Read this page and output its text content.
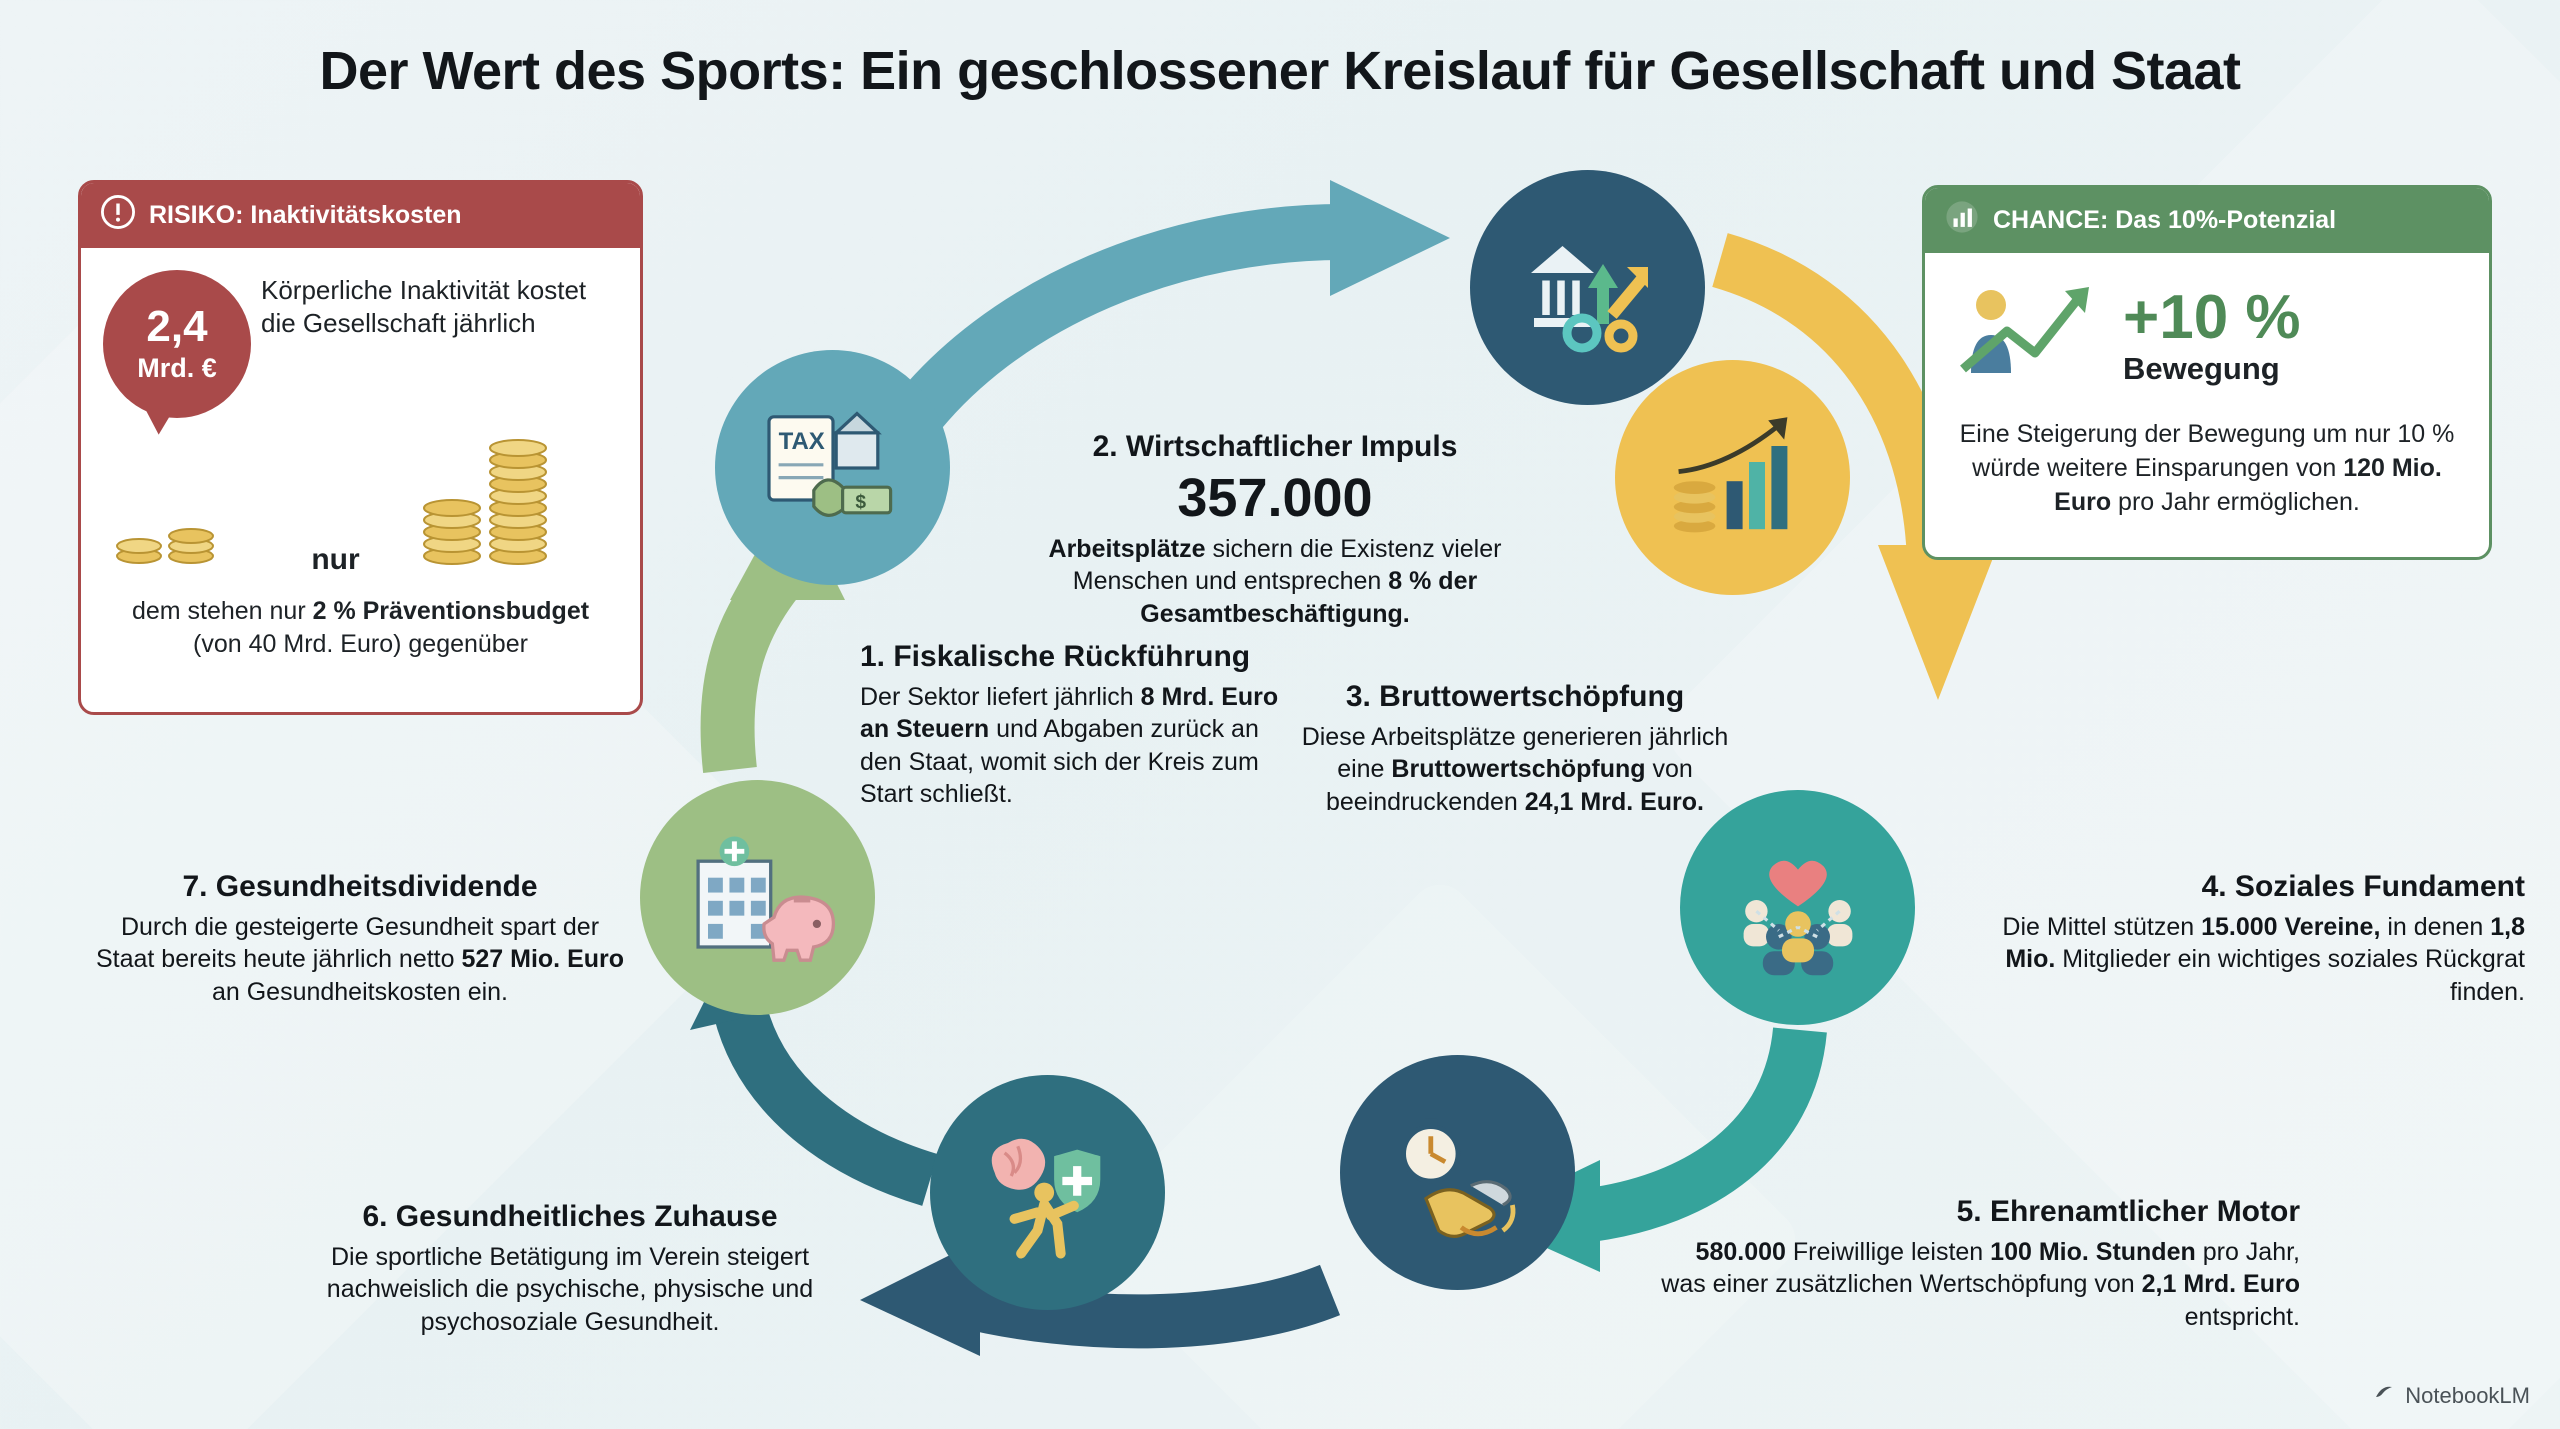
Der Wert des Sports: Ein geschlossener Kreislauf für Gesellschaft und Staat
TAX
$
RISIKO: Inaktivitätskosten
2,4
Mrd. €
Körperliche Inaktivität kostet die Gesellschaft jährlich
nur
dem stehen nur 2 % Präventionsbudget
(von 40 Mrd. Euro) gegenüber
CHANCE: Das 10%-Potenzial
+10 %
Bewegung
Eine Steigerung der Bewegung um nur 10 % würde weitere Einsparungen von 120 Mio. Euro pro Jahr ermöglichen.
1. Fiskalische Rückführung

Der Sektor liefert jährlich 8 Mrd. Euro an Steuern und Abgaben zurück an den Staat, womit sich der Kreis zum Start schließt.

2. Wirtschaftlicher Impuls
357.000

Arbeitsplätze sichern die Existenz vieler Menschen und entsprechen 8 % der Gesamtbeschäftigung.

3. Bruttowertschöpfung

Diese Arbeitsplätze generieren jährlich eine Bruttowertschöpfung von beeindruckenden 24,1 Mrd. Euro.

4. Soziales Fundament

Die Mittel stützen 15.000 Vereine, in denen 1,8 Mio. Mitglieder ein wichtiges soziales Rückgrat finden.

5. Ehrenamtlicher Motor

580.000 Freiwillige leisten 100 Mio. Stunden pro Jahr, was einer zusätzlichen Wertschöpfung von 2,1 Mrd. Euro entspricht.

6. Gesundheitliches Zuhause

Die sportliche Betätigung im Verein steigert nachweislich die psychische, physische und psychosoziale Gesundheit.

7. Gesundheitsdividende

Durch die gesteigerte Gesundheit spart der Staat bereits heute jährlich netto 527 Mio. Euro an Gesundheitskosten ein.

NotebookLM
